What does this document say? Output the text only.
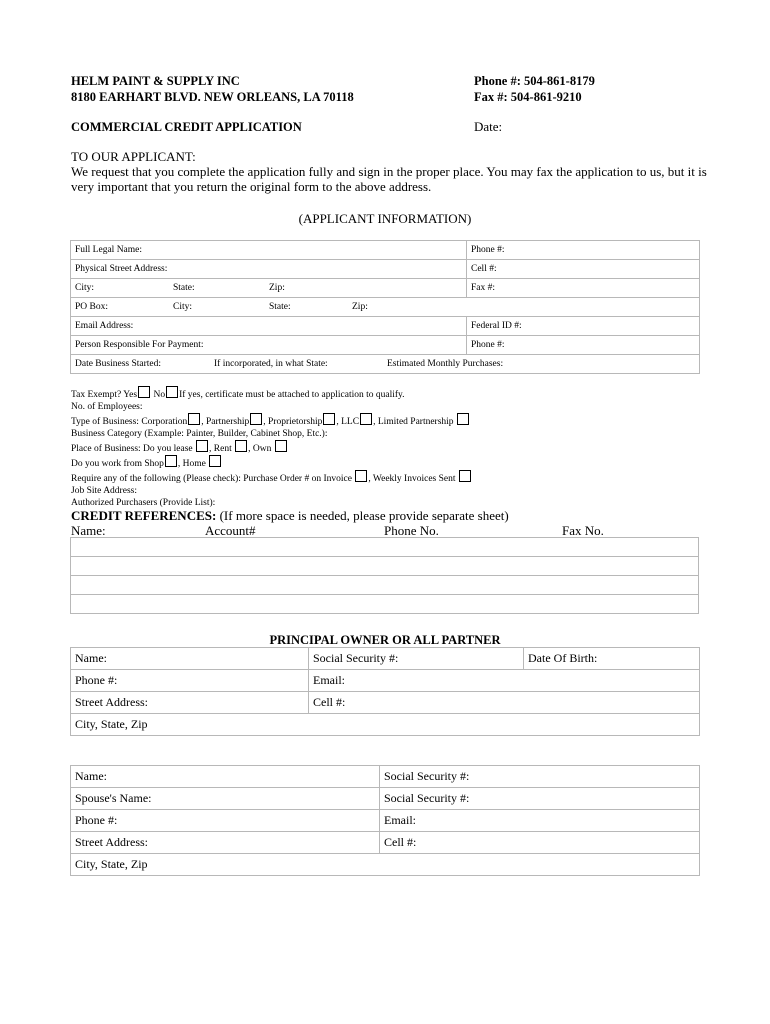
HELM PAINT & SUPPLY INC
8180 EARHART BLVD. NEW ORLEANS, LA 70118
Phone #: 504-861-8179
Fax #: 504-861-9210
COMMERCIAL CREDIT APPLICATION	Date:
TO OUR APPLICANT:
We request that you complete the application fully and sign in the proper place. You may fax the application to us, but it is
very important that you return the original form to the above address.
(APPLICANT INFORMATION)
Full Legal Name:	Phone #:
Physical Street Address:	Cell #:

City: State: Zip:	Fax #:

PO Box: City: State: Zip:	

Email Address:	Federal ID #:
Person Responsible For Payment:	Phone #:

Date Business Started: If incorporated, in what State: Estimated Monthly Purchases:	
Tax Exempt? Yes No If yes, certificate must be attached to application to qualify.
No. of Employees:
Type of Business: Corporation , Partnership , Proprietorship , LLC , Limited Partnership
Business Category (Example: Painter, Builder, Cabinet Shop, Etc.):
Place of Business: Do you lease , Rent , Own
Do you work from Shop , Home
Require any of the following (Please check): Purchase Order # on Invoice , Weekly Invoices Sent
Job Site Address:
Authorized Purchasers (Provide List):
CREDIT REFERENCES: (If more space is needed, please provide separate sheet)
Name:	Account#	Phone No.	Fax No.

PRINCIPAL OWNER OR ALL PARTNER
Name:	Social Security #:	Date Of Birth:
Phone #:	Email:	
Street Address:	Cell #:	
City, State, Zip		
Name:	Social Security #:
Spouse's Name:	Social Security #:
Phone #:	Email:
Street Address:	Cell #:
City, State, Zip	
